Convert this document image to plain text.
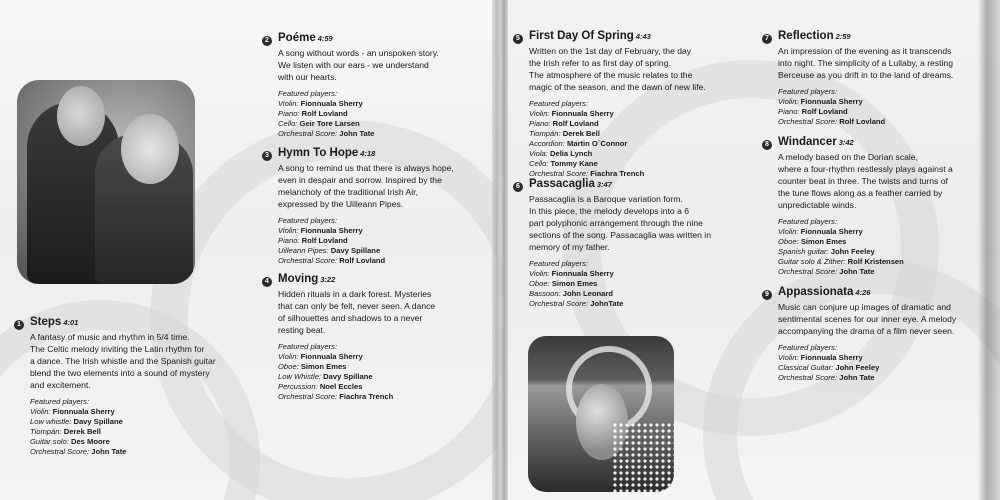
1 Steps 4:01

A fantasy of music and rhythm in 5/4 time.

The Celtic melody inviting the Latin rhythm for

a dance. The Irish whistle and the Spanish guitar

blend the two elements into a sound of mystery

and excitement.

Featured players:
Violin: Fionnuala Sherry
Low whistle: Davy Spillane
Tiompán: Derek Bell
Guitar solo: Des Moore
Orchestral Score: John Tate
2 Poéme 4:59

A song without words - an unspoken story.

We listen with our ears - we understand

with our hearts.

Featured players:
Violin: Fionnuala Sherry
Piano: Rolf Lovland
Cello: Geir Tore Larsen
Orchestral Score: John Tate
3 Hymn To Hope 4:18

A song to remind us that there is always hope,

even in despair and sorrow. Inspired by the

melancholy of the traditional Irish Air,

expressed by the Uilleann Pipes.

Featured players:
Violin: Fionnuala Sherry
Piano: Rolf Lovland
Uilleann Pipes: Davy Spillane
Orchestral Score: Rolf Lovland
4 Moving 3:22

Hidden rituals in a dark forest. Mysteries

that can only be felt, never seen. A dance

of silhouettes and shadows to a never

resting beat.

Featured players:
Violin: Fionnuala Sherry
Oboe: Simon Emes
Low Whistle: Davy Spillane
Percussion: Noel Eccles
Orchestral Score: Fiachra Trench
5 First Day Of Spring 4:43

Written on the 1st day of February, the day

the Irish refer to as first day of spring.

The atmosphere of the music relates to the

magic of the season, and the dawn of new life.

Featured players:
Violin: Fionnuala Sherry
Piano: Rolf Lovland
Tiompán: Derek Bell
Accordion: Martin O´Connor
Viola: Delia Lynch
Cello: Tommy Kane
Orchestral Score: Fiachra Trench
6 Passacaglia 3:47

Passacaglia is a Baroque variation form.

In this piece, the melody develops into a 6

part polyphonic arrangement through the nine

sections of the song. Passacaglia was written in

memory of my father.

Featured players:
Violin: Fionnuala Sherry
Oboe: Simon Emes
Bassoon: John Leonard
Orchestral Score: JohnTate
7 Reflection 2:59

An impression of the evening as it transcends

into night. The simplicity of a Lullaby, a resting

Berceuse as you drift in to the land of dreams.

Featured players:
Violin: Fionnuala Sherry
Piano: Rolf Lovland
Orchestral Score: Rolf Lovland
8 Windancer 3:42

A melody based on the Dorian scale,

where a four-rhythm restlessly plays against a

counter beat in three. The twists and turns of

the tune flows along as a feather carried by

unpredictable winds.

Featured players:
Violin: Fionnuala Sherry
Oboe: Simon Emes
Spanish guitar: John Feeley
Guitar solo & Zither: Rolf Kristensen
Orchestral Score: John Tate
9 Appassionata 4:26

Music can conjure up images of dramatic and

sentimental scenes for our inner eye. A melody

accompanying the drama of a film never seen.

Featured players:
Violin: Fionnuala Sherry
Classical Guitar: John Feeley
Orchestral Score: John Tate
